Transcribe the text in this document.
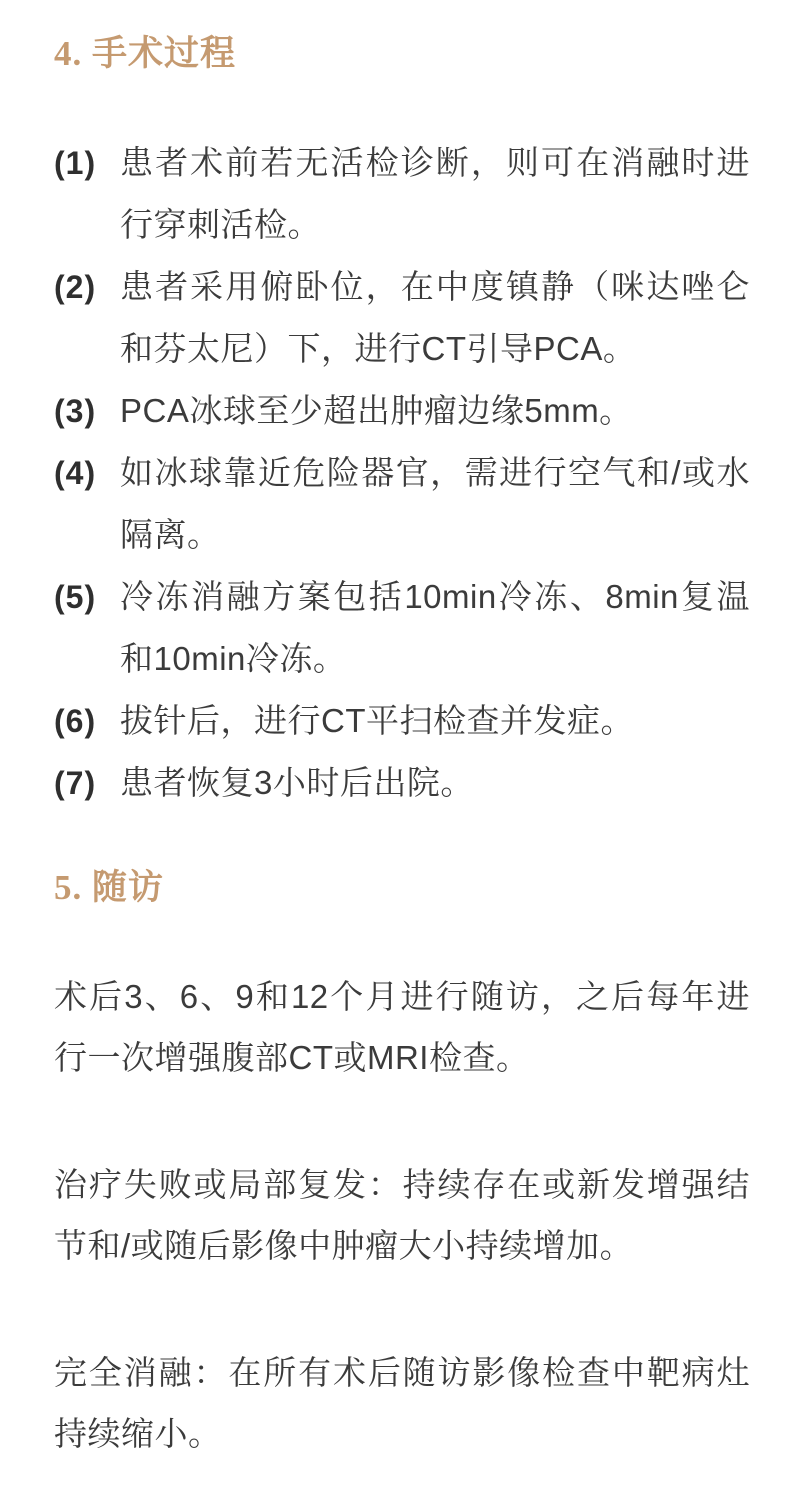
4. 手术过程
(1) 患者术前若无活检诊断，则可在消融时进行穿刺活检。
(2) 患者采用俯卧位，在中度镇静（咪达唑仑和芬太尼）下，进行CT引导PCA。
(3) PCA冰球至少超出肿瘤边缘5mm。
(4) 如冰球靠近危险器官，需进行空气和/或水隔离。
(5) 冷冻消融方案包括10min冷冻、8min复温和10min冷冻。
(6) 拔针后，进行CT平扫检查并发症。
(7) 患者恢复3小时后出院。
5. 随访

术后3、6、9和12个月进行随访，之后每年进行一次增强腹部CT或MRI检查。

治疗失败或局部复发：持续存在或新发增强结节和/或随后影像中肿瘤大小持续增加。

完全消融：在所有术后随访影像检查中靶病灶持续缩小。
